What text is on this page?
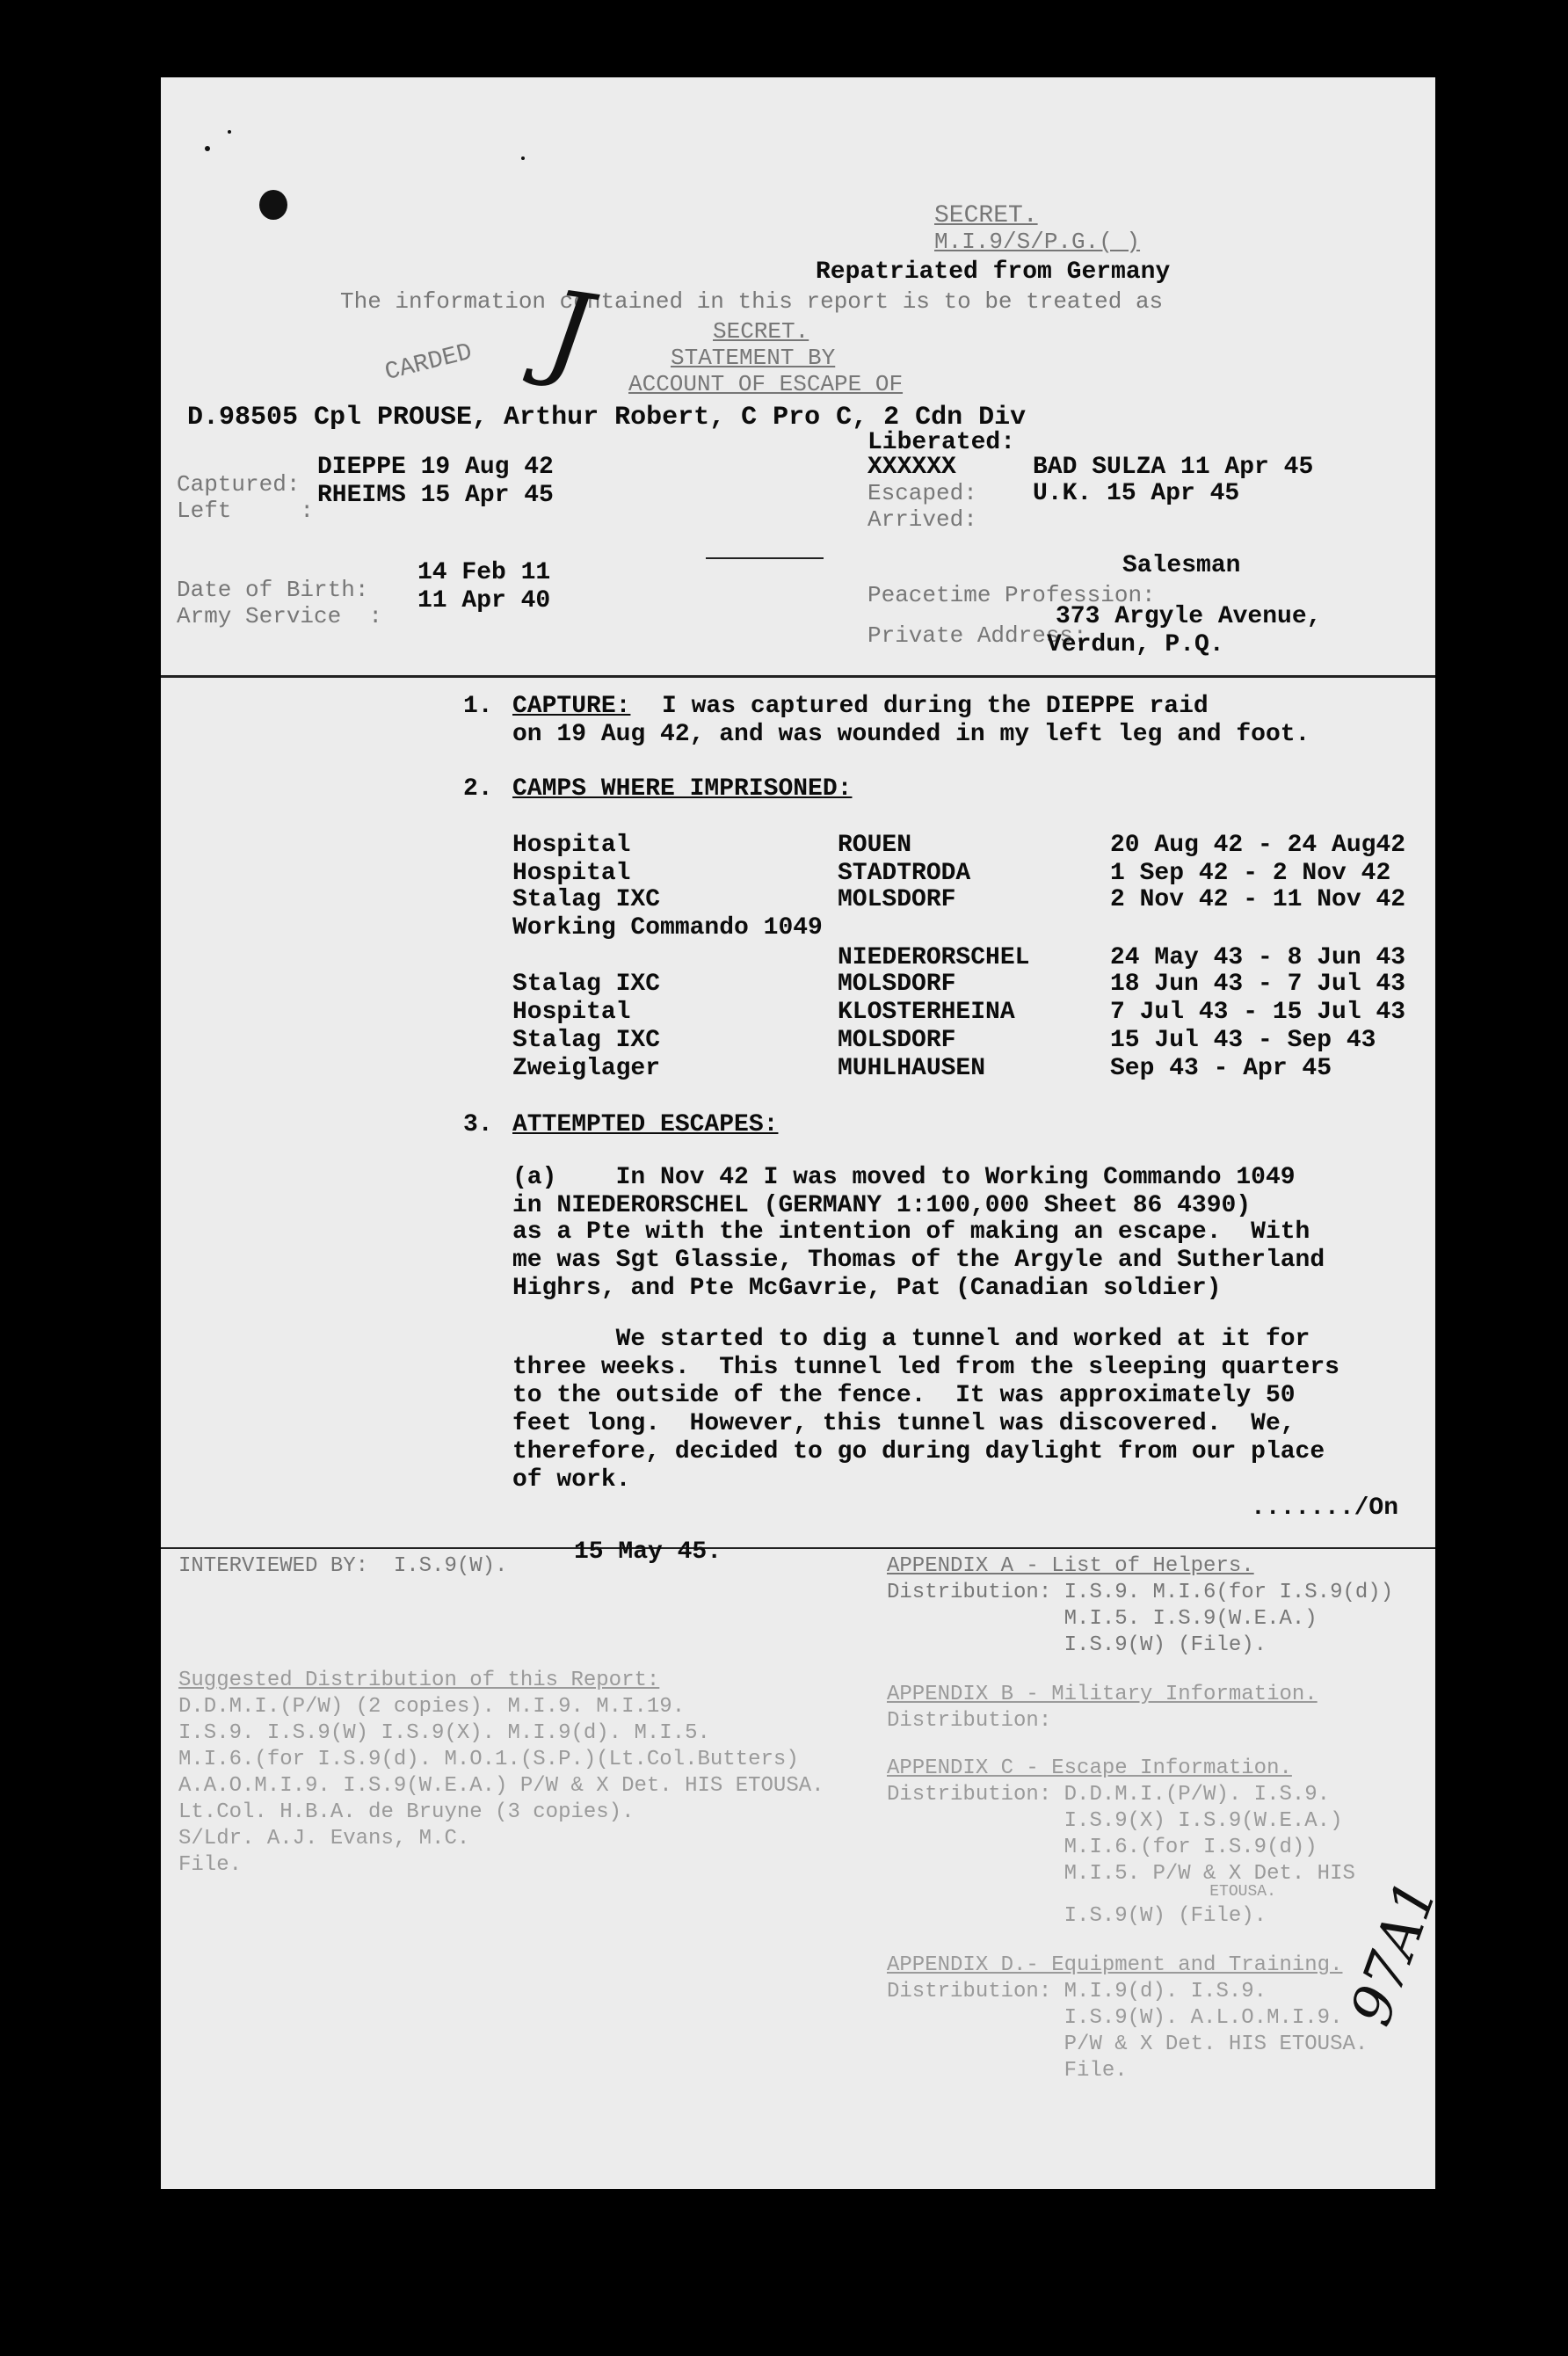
SECRET.
M.I.9/S/P.G.( )
Repatriated from Germany
The information contained in this report is to be treated as
SECRET.
STATEMENT BY
ACCOUNT OF ESCAPE OF
CARDED J
D.98505 Cpl PROUSE, Arthur Robert, C Pro C, 2 Cdn Div
Liberated:
Captured:
DIEPPE 19 Aug 42
Left     :
RHEIMS 15 Apr 45
XXXXXX	BAD SULZA 11 Apr 45
Escaped: U.K. 15 Apr 45
Arrived:
Date of Birth:
14 Feb 11
Army Service  :
11 Apr 40	Peacetime Profession:
Salesman
Private Address:
373 Argyle Avenue,
Verdun, P.Q.
1. CAPTURE: I was captured during the DIEPPE raid
on 19 Aug 42, and was wounded in my left leg and foot.
2. CAMPS WHERE IMPRISONED:
Hospital	ROUEN	20 Aug 42 - 24 Aug42
Hospital	STADTRODA	1 Sep 42 - 2 Nov 42
Stalag IXC	MOLSDORF	2 Nov 42 - 11 Nov 42
Working Commando 1049
NIEDERORSCHEL	24 May 43 - 8 Jun 43
Stalag IXC	MOLSDORF	18 Jun 43 - 7 Jul 43
Hospital	KLOSTERHEINA	7 Jul 43 - 15 Jul 43
Stalag IXC	MOLSDORF	15 Jul 43 - Sep 43
Zweiglager	MUHLHAUSEN	Sep 43 - Apr 45
3. ATTEMPTED ESCAPES:
(a)    In Nov 42 I was moved to Working Commando 1049
in NIEDERORSCHEL (GERMANY 1:100,000 Sheet 86 4390)
as a Pte with the intention of making an escape.  With
me was Sgt Glassie, Thomas of the Argyle and Sutherland
Highrs, and Pte McGavrie, Pat (Canadian soldier)
We started to dig a tunnel and worked at it for
three weeks.  This tunnel led from the sleeping quarters
to the outside of the fence.  It was approximately 50
feet long.  However, this tunnel was discovered.  We,
therefore, decided to go during daylight from our place
of work.
......./On
INTERVIEWED BY:  I.S.9(W).
15 May 45.
APPENDIX A - List of Helpers.
Distribution: I.S.9. M.I.6(for I.S.9(d))
M.I.5. I.S.9(W.E.A.)
I.S.9(W) (File).
Suggested Distribution of this Report:
D.D.M.I.(P/W) (2 copies). M.I.9. M.I.19.
I.S.9. I.S.9(W) I.S.9(X). M.I.9(d). M.I.5.
M.I.6.(for I.S.9(d). M.O.1.(S.P.)(Lt.Col.Butters)
A.A.O.M.I.9. I.S.9(W.E.A.) P/W & X Det. HIS ETOUSA.
Lt.Col. H.B.A. de Bruyne (3 copies).
S/Ldr. A.J. Evans, M.C.
File.
APPENDIX B - Military Information.
Distribution:
APPENDIX C - Escape Information.
Distribution: D.D.M.I.(P/W). I.S.9.
I.S.9(X) I.S.9(W.E.A.)
M.I.6.(for I.S.9(d))
M.I.5. P/W & X Det. HIS
ETOUSA.
I.S.9(W) (File).
APPENDIX D.- Equipment and Training.
Distribution: M.I.9(d). I.S.9.
I.S.9(W). A.L.O.M.I.9.
P/W & X Det. HIS ETOUSA.
File.
97A1
